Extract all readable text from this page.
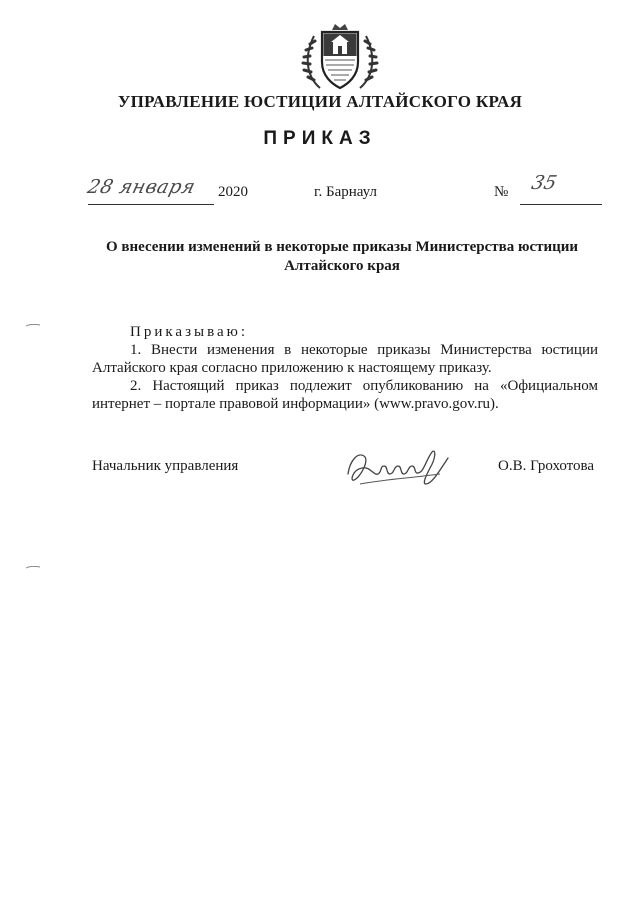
УПРАВЛЕНИЕ ЮСТИЦИИ АЛТАЙСКОГО КРАЯ
ПРИКАЗ
28 января 2020	г. Барнаул	№ 35
О внесении изменений в некоторые приказы Министерства юстиции Алтайского края

Приказываю:

1. Внести изменения в некоторые приказы Министерства юстиции Алтайского края согласно приложению к настоящему приказу.

2. Настоящий приказ подлежит опубликованию на «Официальном интернет – портале правовой информации» (www.pravo.gov.ru).

Начальник управления	О.В. Грохотова
